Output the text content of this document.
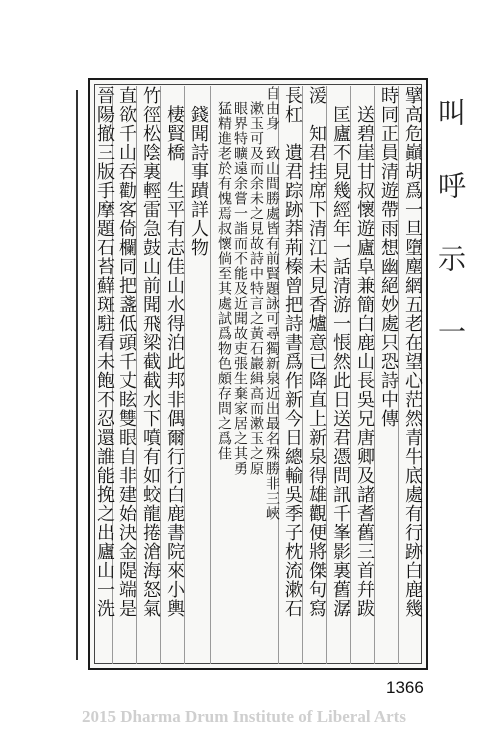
擘高危巓胡爲一旦墮塵網五老在望心茫然青牛底處有行跡白鹿幾
時同正員清遊帶雨想幽絕妙處只恐詩中傳
　送碧崖甘叔懷遊廬阜兼簡白鹿山長吳兄唐卿及諸耆舊三首幷跋
　匡廬不見幾經年一話清游一悵然此日送君憑問訊千峯影裏舊潺
湲　知君挂席下清江未見香爐意已降直上新泉得雄觀便將傑句寫
長杠　遺君踪跡莽荊榛曾把詩書爲作新今日總輸吳季子枕流漱石
自由身　致山間勝處皆有前賢題詠可尋獨新泉近出最名殊勝非三峽
　漱玉可及而余未之見故詩中特言之黃石巖緝高而漱玉之原
　眼界特曠遠余嘗一詣而不能及近聞故吏張生棄家居之其勇
　猛精進老於有愧焉叔懷倘至其處試爲物色頗存問之爲佳
　錢聞詩事蹟詳人物
　棲賢橋　生平有志佳山水得泊此邦非偶爾行行白鹿書院來小輿
竹徑松陰裏輕雷急鼓山前聞飛梁截截水下噴有如蛟龍捲滄海怒氣
直欲千山吞勸客倚欄同把盞低頭千丈眩雙眼自非建始決金隄端是
晉陽撤三版手摩題石苔蘚斑駐看未飽不忍還誰能挽之出廬山一洗	叫 呼 示 一
1366
2015 Dharma Drum Institute of Liberal Arts
